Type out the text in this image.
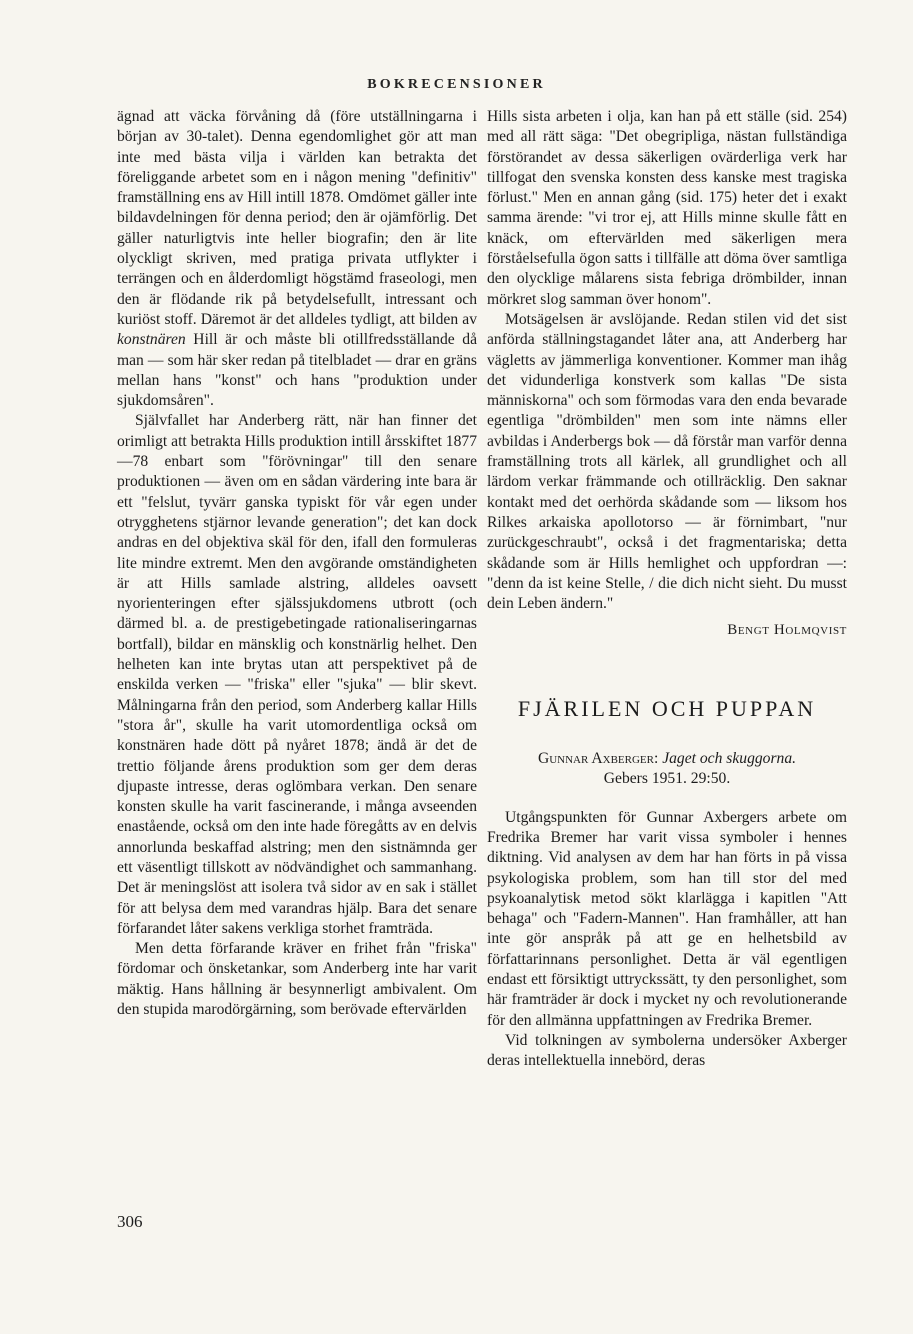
BOKRECENSIONER

ägnad att väcka förvåning då (före utställningarna i början av 30-talet). Denna egendomlighet gör att man inte med bästa vilja i världen kan betrakta det föreliggande arbetet som en i någon mening "definitiv" framställning ens av Hill intill 1878. Omdömet gäller inte bildavdelningen för denna period; den är ojämförlig. Det gäller naturligtvis inte heller biografin; den är lite olyckligt skriven, med pratiga privata utflykter i terrängen och en ålderdomligt högstämd fraseologi, men den är flödande rik på betydelsefullt, intressant och kuriöst stoff. Däremot är det alldeles tydligt, att bilden av konstnären Hill är och måste bli otillfredsställande då man — som här sker redan på titelbladet — drar en gräns mellan hans "konst" och hans "produktion under sjukdomsåren".

Självfallet har Anderberg rätt, när han finner det orimligt att betrakta Hills produktion intill årsskiftet 1877—78 enbart som "förövningar" till den senare produktionen — även om en sådan värdering inte bara är ett "felslut, tyvärr ganska typiskt för vår egen under otrygghetens stjärnor levande generation"; det kan dock andras en del objektiva skäl för den, ifall den formuleras lite mindre extremt. Men den avgörande omständigheten är att Hills samlade alstring, alldeles oavsett nyorienteringen efter själssjukdomens utbrott (och därmed bl. a. de prestigebetingade rationaliseringarnas bortfall), bildar en mänsklig och konstnärlig helhet. Den helheten kan inte brytas utan att perspektivet på de enskilda verken — "friska" eller "sjuka" — blir skevt. Målningarna från den period, som Anderberg kallar Hills "stora år", skulle ha varit utomordentliga också om konstnären hade dött på nyåret 1878; ändå är det de trettio följande årens produktion som ger dem deras djupaste intresse, deras oglömbara verkan. Den senare konsten skulle ha varit fascinerande, i många avseenden enastående, också om den inte hade föregåtts av en delvis annorlunda beskaffad alstring; men den sistnämnda ger ett väsentligt tillskott av nödvändighet och sammanhang. Det är meningslöst att isolera två sidor av en sak i stället för att belysa dem med varandras hjälp. Bara det senare förfarandet låter sakens verkliga storhet framträda.

Men detta förfarande kräver en frihet från "friska" fördomar och önsketankar, som Anderberg inte har varit mäktig. Hans hållning är besynnerligt ambivalent. Om den stupida marodörgärning, som berövade eftervärlden

Hills sista arbeten i olja, kan han på ett ställe (sid. 254) med all rätt säga: "Det obegripliga, nästan fullständiga förstörandet av dessa säkerligen ovärderliga verk har tillfogat den svenska konsten dess kanske mest tragiska förlust." Men en annan gång (sid. 175) heter det i exakt samma ärende: "vi tror ej, att Hills minne skulle fått en knäck, om eftervärlden med säkerligen mera förståelsefulla ögon satts i tillfälle att döma över samtliga den olycklige målarens sista febriga drömbilder, innan mörkret slog samman över honom".

Motsägelsen är avslöjande. Redan stilen vid det sist anförda ställningstagandet låter ana, att Anderberg har vägletts av jämmerliga konventioner. Kommer man ihåg det vidunderliga konstverk som kallas "De sista människorna" och som förmodas vara den enda bevarade egentliga "drömbilden" men som inte nämns eller avbildas i Anderbergs bok — då förstår man varför denna framställning trots all kärlek, all grundlighet och all lärdom verkar främmande och otillräcklig. Den saknar kontakt med det oerhörda skådande som — liksom hos Rilkes arkaiska apollotorso — är förnimbart, "nur zurückgeschraubt", också i det fragmentariska; detta skådande som är Hills hemlighet och uppfordran —: "denn da ist keine Stelle, / die dich nicht sieht. Du musst dein Leben ändern."

Bengt Holmqvist

FJÄRILEN OCH PUPPAN

Gunnar Axberger: Jaget och skuggorna.
Gebers 1951. 29:50.

Utgångspunkten för Gunnar Axbergers arbete om Fredrika Bremer har varit vissa symboler i hennes diktning. Vid analysen av dem har han förts in på vissa psykologiska problem, som han till stor del med psykoanalytisk metod sökt klarlägga i kapitlen "Att behaga" och "Fadern-Mannen". Han framhåller, att han inte gör anspråk på att ge en helhetsbild av författarinnans personlighet. Detta är väl egentligen endast ett försiktigt uttryckssätt, ty den personlighet, som här framträder är dock i mycket ny och revolutionerande för den allmänna uppfattningen av Fredrika Bremer.

Vid tolkningen av symbolerna undersöker Axberger deras intellektuella innebörd, deras

306
